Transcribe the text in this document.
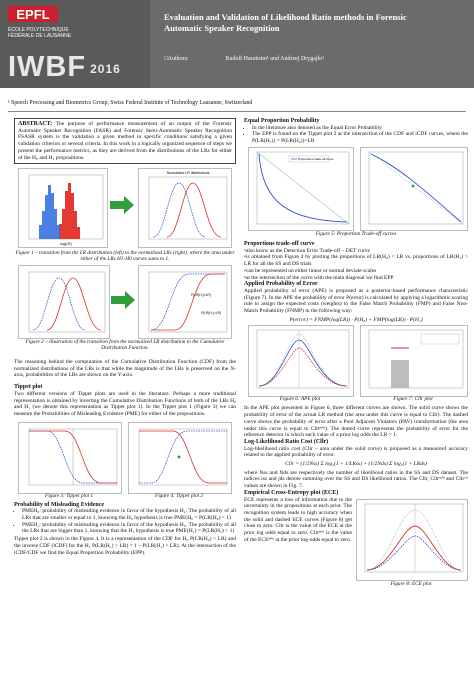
EPFL
ÉCOLE POLYTECHNIQUE
FÉDÉRALE DE LAUSANNE
IWBF $^{2016}$
Evaluation and Validation of Likelihood Ratio methods in Forensic
Automatic Speaker Recognition
□Authors:	Rudolf Haraksim¹ and Andrzej Drygajlo¹
¹ Speech Processing and Biometrics Group, Swiss Federal Institute of Technology Lausanne, Switzerland
ABSTRACT: The purpose of performance measurement of an output of the Forensic Automatic Speaker Recognition (FASR) and Forensic Semi-Automatic Speaker Recognition FSASR system is the validation a given method in specific conditions satisfying a given validation criterion or several criteria. In this work in a logically organized sequence of steps we present the performance metrics, as they are derived from the distributions of the LRs for either of the H₀ and H₁ propositions.
log(LR)
Normalized LR distributions
Figure 1 – transition from the LR distribution (left) to the normalized LRs (right), where the area under either of the LRs H1-H0 curves sums to 1.
P(LR(H₁)<LR)
P(LR(H₀)<LR)
Figure 2 – illustration of the transition from the normalized LR distribution to the Cumulative Distribution Function.
The reasoning behind the computation of the Cumulative Distribution Function (CDF) from the normalized distributions of the LRs is that while the magnitude of the LRs is preserved on the X-axis, probabilities of the LRs are shown on the Y-axis.
Tippet plot
Two different versions of Tippet plots are used in the literature. Perhaps a more traditional representation is obtained by inverting the Cumulative Distribution Functions of both of the LRs H₀ and H₁ (we denote this representation as Tippet plot 1). In the Tippet plot 1 (Figure 3) we can measure the Probabilities of Misleading Evidence (PME) for either of the propositions.
Figure 3: Tippet plot 1	Figure 4: Tippet plot 2
Probability of Misleading Evidence
• PMEH₀: probability of misleading evidence in favor of the hypothesis H₁. The probability of all LRs that are smaller or equal to 1, knowing the H₀ hypothesis is true PME(H₀ = P(LR(H₀) < 1)
• PMEH₁: probability of misleading evidence in favor of the hypothesis H₀. The probability of all the LRs that are bigger than 1, knowing that the H₁ hypothesis is true PME(H₁) = P(LR(H₁) > 1)
Tippet plot 2 is shown in the Figure 4. It is a representation of the CDF for H₀ P(LR(H₀) < LR) and the inverse CDF (iCDF) for the H₁ P(LR(H₁) > LR) = 1 – P(LR(H₁) < LR). At the intersection of the iCDF/CDF we find the Equal Proportion Probability (EPP).
Equal Proportion Probability
• In the literature also denoted as the Equal Error Probability
• The EPP is found on the Tippet plot 2 at the intersection of the CDF and iCDF curves, where the P(LR(H₁)) = P(LR(H₀))=LR
Proportions trade-off curve
Figure 5: Proportion Trade-off curves
Proportions trade-off curve
•also know as the Detection Error Trade-off – DET curve
•is obtained from Figure 4 by plotting the proportions of LR(H₀) < LR vs. proportions of LR(H₁) > LR for all the SS and DS trials
•can be represented on either linear or normal deviate scales
•at the intersection of the curve with the main diagonal we find EPP
Applied Probability of Error
Applied probability of error (APE) is proposed as a posterior-based performance characteristic (Figure 7). In the APE the probability of error P(error) is calculated by applying a logarithmic scoring rule to assign the expected costs (weights) to the False Match Probability (FMP) and False Non-Match Probability (FNMP) in the following way:
P(error) = FNMP(log(LR)) · P(H₀) + FMP(log(LR)) · P(H₁)
Figure 6: APE plot	Figure 7: Cllr plot
In the APE plot presented in Figure 6, three different curves are shown. The solid curve shows the probability of error of the actual LR method (the area under this curve is equal to Cllr). The dashed curve shows the probability of error after a Pool Adjacent Violators (PAV) transformation (the area under this curve is equal to Cllrᵐⁱⁿ). The dotted curve represents the probability of error for the reference detector in which each value of a prior log odds the LR = 1.
Log-Likelihood Ratio Cost (Cllr)
Log-likelihood ratio cost (Cllr – area under the solid curve) is proposed as a measureof accuracy related to the applied probability of error.
Cllr = (1/2Nss) Σ log₂(1 + 1/LRss) + (1/2Nds) Σ log₂(1 + LRds)
where Nss and Nds are respectively the number of likelihood ratios in the SS and DS dataset. The indices iss and jds denote summing over the SS and DS likelihood ratios. The Cllr, Cllrᵐⁱⁿ and Cllrᶜᵃˡ values are shown in Fig. 7.
Empirical Cross-Entropy plot (ECE)
ECE represents a loss of information due to the uncertainty in the propositions at each prior. The recognition system leads to high accuracy when the solid and dashed ECE curves (Figure 8) get close to zero. Cllr is the value of the ECE at the prior log odds equal to zero. Cllrᵐⁱⁿ is the value of the ECEᵐⁱⁿ at the prior log-odds equal to zero.
Figure 8: ECE plot
